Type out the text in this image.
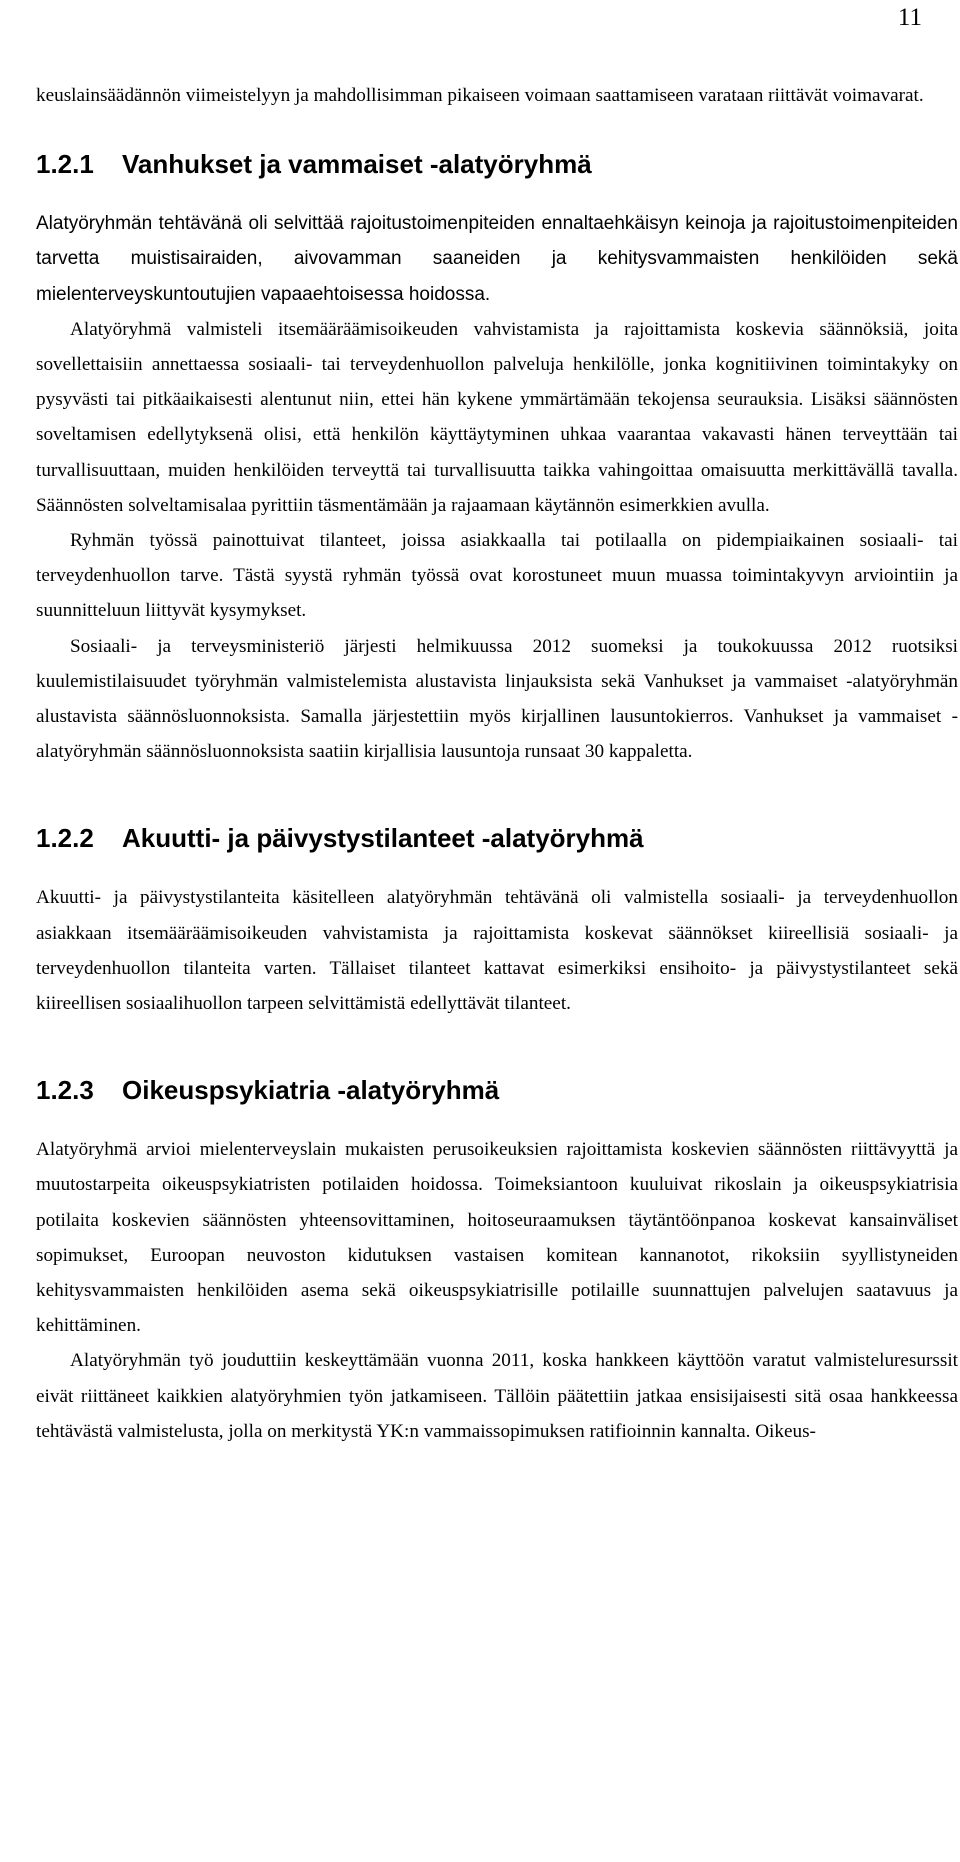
11

keuslainsäädännön viimeistelyyn ja mahdollisimman pikaiseen voimaan saattamiseen varataan riittävät voimavarat.

1.2.1	Vanhukset ja vammaiset -alatyöryhmä

Alatyöryhmän tehtävänä oli selvittää rajoitustoimenpiteiden ennaltaehkäisyn keinoja ja rajoitustoimenpiteiden tarvetta muistisairaiden, aivovamman saaneiden ja kehitysvammaisten henkilöiden sekä mielenterveyskuntoutujien vapaaehtoisessa hoidossa.

Alatyöryhmä valmisteli itsemääräämisoikeuden vahvistamista ja rajoittamista koskevia säännöksiä, joita sovellettaisiin annettaessa sosiaali- tai terveydenhuollon palveluja henkilölle, jonka kognitiivinen toimintakyky on pysyvästi tai pitkäaikaisesti alentunut niin, ettei hän kykene ymmärtämään tekojensa seurauksia. Lisäksi säännösten soveltamisen edellytyksenä olisi, että henkilön käyttäytyminen uhkaa vaarantaa vakavasti hänen terveyttään tai turvallisuuttaan, muiden henkilöiden terveyttä tai turvallisuutta taikka vahingoittaa omaisuutta merkittävällä tavalla. Säännösten solveltamisalaa pyrittiin täsmentämään ja rajaamaan käytännön esimerkkien avulla.

Ryhmän työssä painottuivat tilanteet, joissa asiakkaalla tai potilaalla on pidempiaikainen sosiaali- tai terveydenhuollon tarve. Tästä syystä ryhmän työssä ovat korostuneet muun muassa toimintakyvyn arviointiin ja suunnitteluun liittyvät kysymykset.

Sosiaali- ja terveysministeriö järjesti helmikuussa 2012 suomeksi ja toukokuussa 2012 ruotsiksi kuulemistilaisuudet työryhmän valmistelemista alustavista linjauksista sekä Vanhukset ja vammaiset -alatyöryhmän alustavista säännösluonnoksista. Samalla järjestettiin myös kirjallinen lausuntokierros. Vanhukset ja vammaiset - alatyöryhmän säännösluonnoksista saatiin kirjallisia lausuntoja runsaat 30 kappaletta.

1.2.2	Akuutti- ja päivystystilanteet -alatyöryhmä

Akuutti- ja päivystystilanteita käsitelleen alatyöryhmän tehtävänä oli valmistella sosiaali- ja terveydenhuollon asiakkaan itsemääräämisoikeuden vahvistamista ja rajoittamista koskevat säännökset kiireellisiä sosiaali- ja terveydenhuollon tilanteita varten. Tällaiset tilanteet kattavat esimerkiksi ensihoito- ja päivystystilanteet sekä kiireellisen sosiaalihuollon tarpeen selvittämistä edellyttävät tilanteet.

1.2.3	Oikeuspsykiatria -alatyöryhmä

Alatyöryhmä arvioi mielenterveyslain mukaisten perusoikeuksien rajoittamista koskevien säännösten riittävyyttä ja muutostarpeita oikeuspsykiatristen potilaiden hoidossa. Toimeksiantoon kuuluivat rikoslain ja oikeuspsykiatrisia potilaita koskevien säännösten yhteensovittaminen, hoitoseuraamuksen täytäntöönpanoa koskevat kansainväliset sopimukset, Euroopan neuvoston kidutuksen vastaisen komitean kannanotot, rikoksiin syyllistyneiden kehitysvammaisten henkilöiden asema sekä oikeuspsykiatrisille potilaille suunnattujen palvelujen saatavuus ja kehittäminen.

Alatyöryhmän työ jouduttiin keskeyttämään vuonna 2011, koska hankkeen käyttöön varatut valmisteluresurssit eivät riittäneet kaikkien alatyöryhmien työn jatkamiseen. Tällöin päätettiin jatkaa ensisijaisesti sitä osaa hankkeessa tehtävästä valmistelusta, jolla on merkitystä YK:n vammaissopimuksen ratifioinnin kannalta. Oikeus-
